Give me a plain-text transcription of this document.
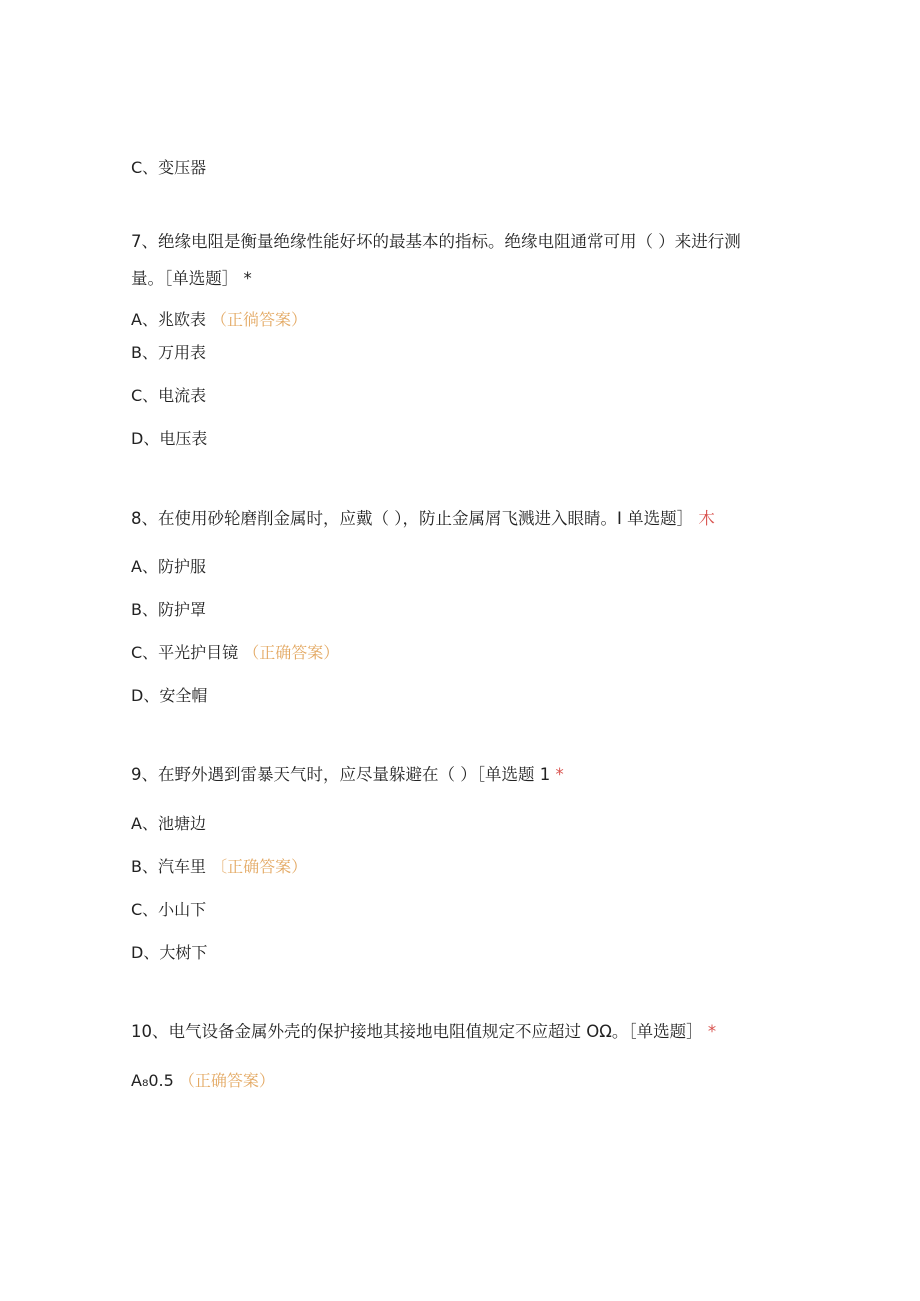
C、变压器
7、绝缘电阻是衡量绝缘性能好坏的最基本的指标。绝缘电阻通常可用（ ）来进行测
量。［单选题］ *
A、兆欧表 （正徜答案）
B、万用表
C、电流表
D、电压表
8、在使用砂轮磨削金属时，应戴（ ），防止金属屑飞溅进入眼睛。I 单选题］ 木
A、防护服
B、防护罩
C、平光护目镜 （正确答案）
D、安全帽
9、在野外遇到雷暴天气时，应尽量躲避在（ ）［单选题 1 *
A、池塘边
B、汽车里 〔正确答案）
C、小山下
D、大树下
10、电气设备金属外壳的保护接地其接地电阻值规定不应超过 OΩ。［单选题］ *
A₈0.5 （正确答案）
